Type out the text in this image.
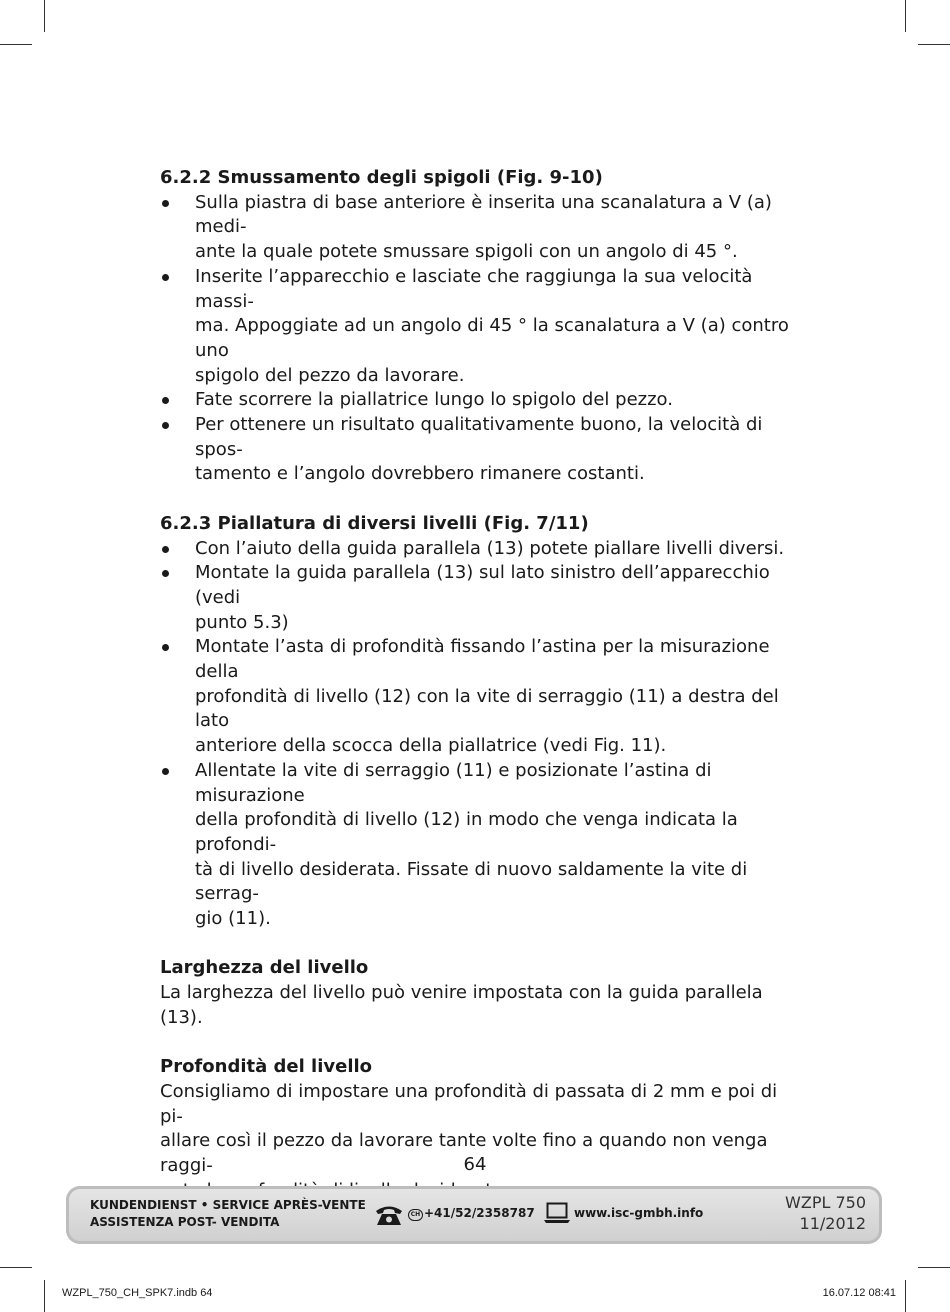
6.2.2 Smussamento degli spigoli (Fig. 9-10)
Sulla piastra di base anteriore è inserita una scanalatura a V (a) medi-
ante la quale potete smussare spigoli con un angolo di 45 °.
Inserite l’apparecchio e lasciate che raggiunga la sua velocità massi-
ma. Appoggiate ad un angolo di 45 ° la scanalatura a V (a) contro uno
spigolo del pezzo da lavorare.
Fate scorrere la piallatrice lungo lo spigolo del pezzo.
Per ottenere un risultato qualitativamente buono, la velocità di spos-
tamento e l’angolo dovrebbero rimanere costanti.
6.2.3 Piallatura di diversi livelli (Fig. 7/11)
Con l’aiuto della guida parallela (13) potete piallare livelli diversi.
Montate la guida parallela (13) sul lato sinistro dell’apparecchio (vedi
punto 5.3)
Montate l’asta di profondità fissando l’astina per la misurazione della
profondità di livello (12) con la vite di serraggio (11) a destra del lato
anteriore della scocca della piallatrice (vedi Fig. 11).
Allentate la vite di serraggio (11) e posizionate l’astina di misurazione
della profondità di livello (12) in modo che venga indicata la profondi-
tà di livello desiderata. Fissate di nuovo saldamente la vite di serrag-
gio (11).
Larghezza del livello

La larghezza del livello può venire impostata con la guida parallela (13).

Profondità del livello

Consigliamo di impostare una profondità di passata di 2 mm e poi di pi-
allare così il pezzo da lavorare tante volte fino a quando non venga raggi-	64
KUNDENDIENST • SERVICE APRÈS-VENTE
ASSISTENZA POST- VENDITA
CH +41/52/2358787	www.isc-gmbh.info
WZPL 750
11/2012
WZPL_750_CH_SPK7.indb 64	16.07.12 08:41
